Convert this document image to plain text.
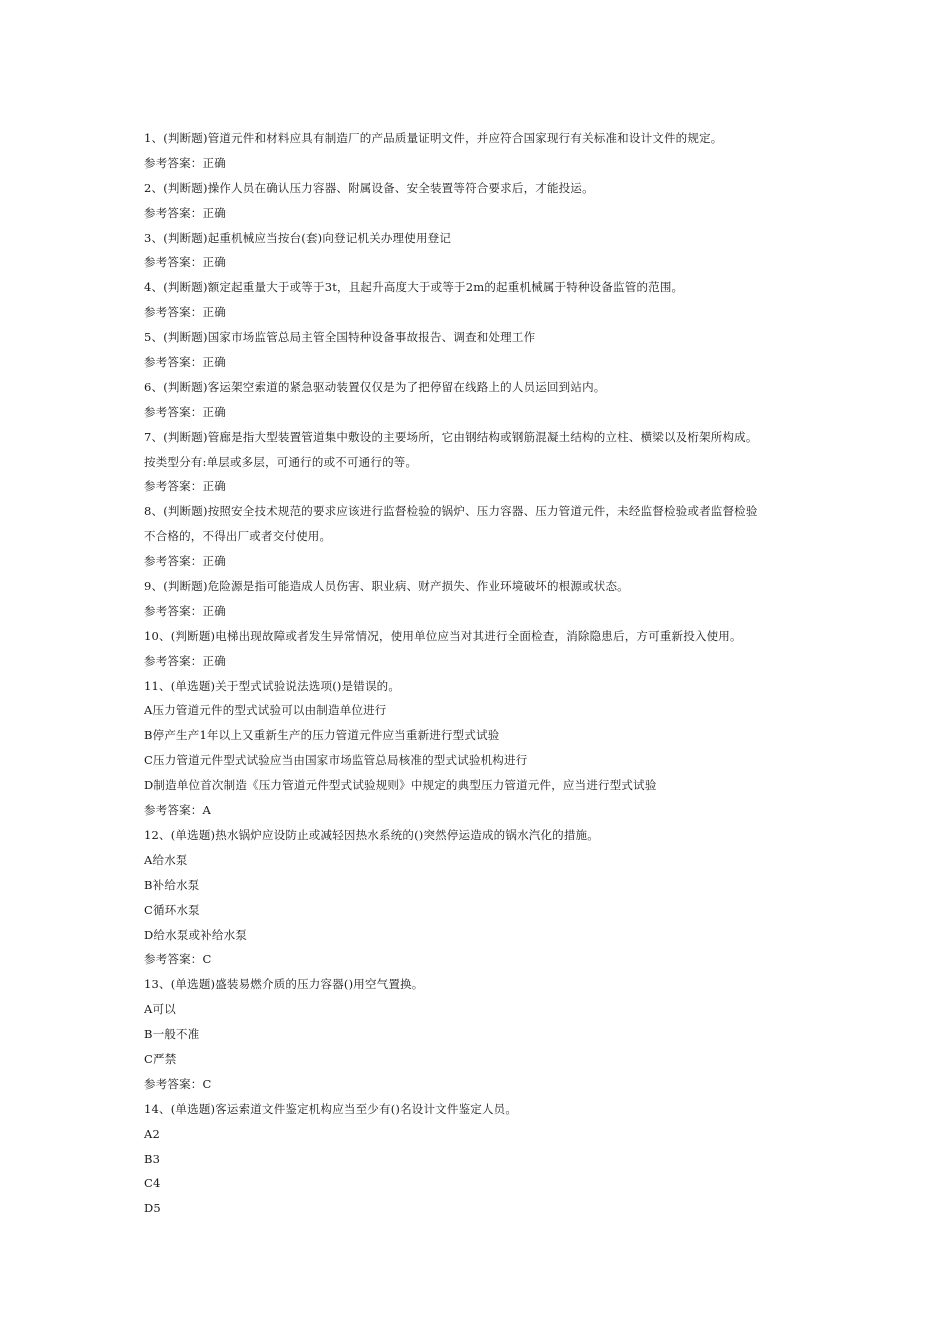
1、(判断题)管道元件和材料应具有制造厂的产品质量证明文件，并应符合国家现行有关标准和设计文件的规定。
参考答案：正确
2、(判断题)操作人员在确认压力容器、附属设备、安全装置等符合要求后，才能投运。
参考答案：正确
3、(判断题)起重机械应当按台(套)向登记机关办理使用登记
参考答案：正确
4、(判断题)额定起重量大于或等于3t，且起升高度大于或等于2m的起重机械属于特种设备监管的范围。
参考答案：正确
5、(判断题)国家市场监管总局主管全国特种设备事故报告、调查和处理工作
参考答案：正确
6、(判断题)客运架空索道的紧急驱动装置仅仅是为了把停留在线路上的人员运回到站内。
参考答案：正确
7、(判断题)管廊是指大型装置管道集中敷设的主要场所，它由钢结构或钢筋混凝土结构的立柱、横梁以及桁架所构成。
按类型分有:单层或多层，可通行的或不可通行的等。
参考答案：正确
8、(判断题)按照安全技术规范的要求应该进行监督检验的锅炉、压力容器、压力管道元件，未经监督检验或者监督检验
不合格的，不得出厂或者交付使用。
参考答案：正确
9、(判断题)危险源是指可能造成人员伤害、职业病、财产损失、作业环境破坏的根源或状态。
参考答案：正确
10、(判断题)电梯出现故障或者发生异常情况，使用单位应当对其进行全面检查，消除隐患后，方可重新投入使用。
参考答案：正确
11、(单选题)关于型式试验说法选项()是错误的。
A压力管道元件的型式试验可以由制造单位进行
B停产生产1年以上又重新生产的压力管道元件应当重新进行型式试验
C压力管道元件型式试验应当由国家市场监管总局核准的型式试验机构进行
D制造单位首次制造《压力管道元件型式试验规则》中规定的典型压力管道元件，应当进行型式试验
参考答案：A
12、(单选题)热水锅炉应设防止或减轻因热水系统的()突然停运造成的锅水汽化的措施。
A给水泵
B补给水泵
C循环水泵
D给水泵或补给水泵
参考答案：C
13、(单选题)盛装易燃介质的压力容器()用空气置换。
A可以
B一般不准
C严禁
参考答案：C
14、(单选题)客运索道文件鉴定机构应当至少有()名设计文件鉴定人员。
A2
B3
C4
D5
